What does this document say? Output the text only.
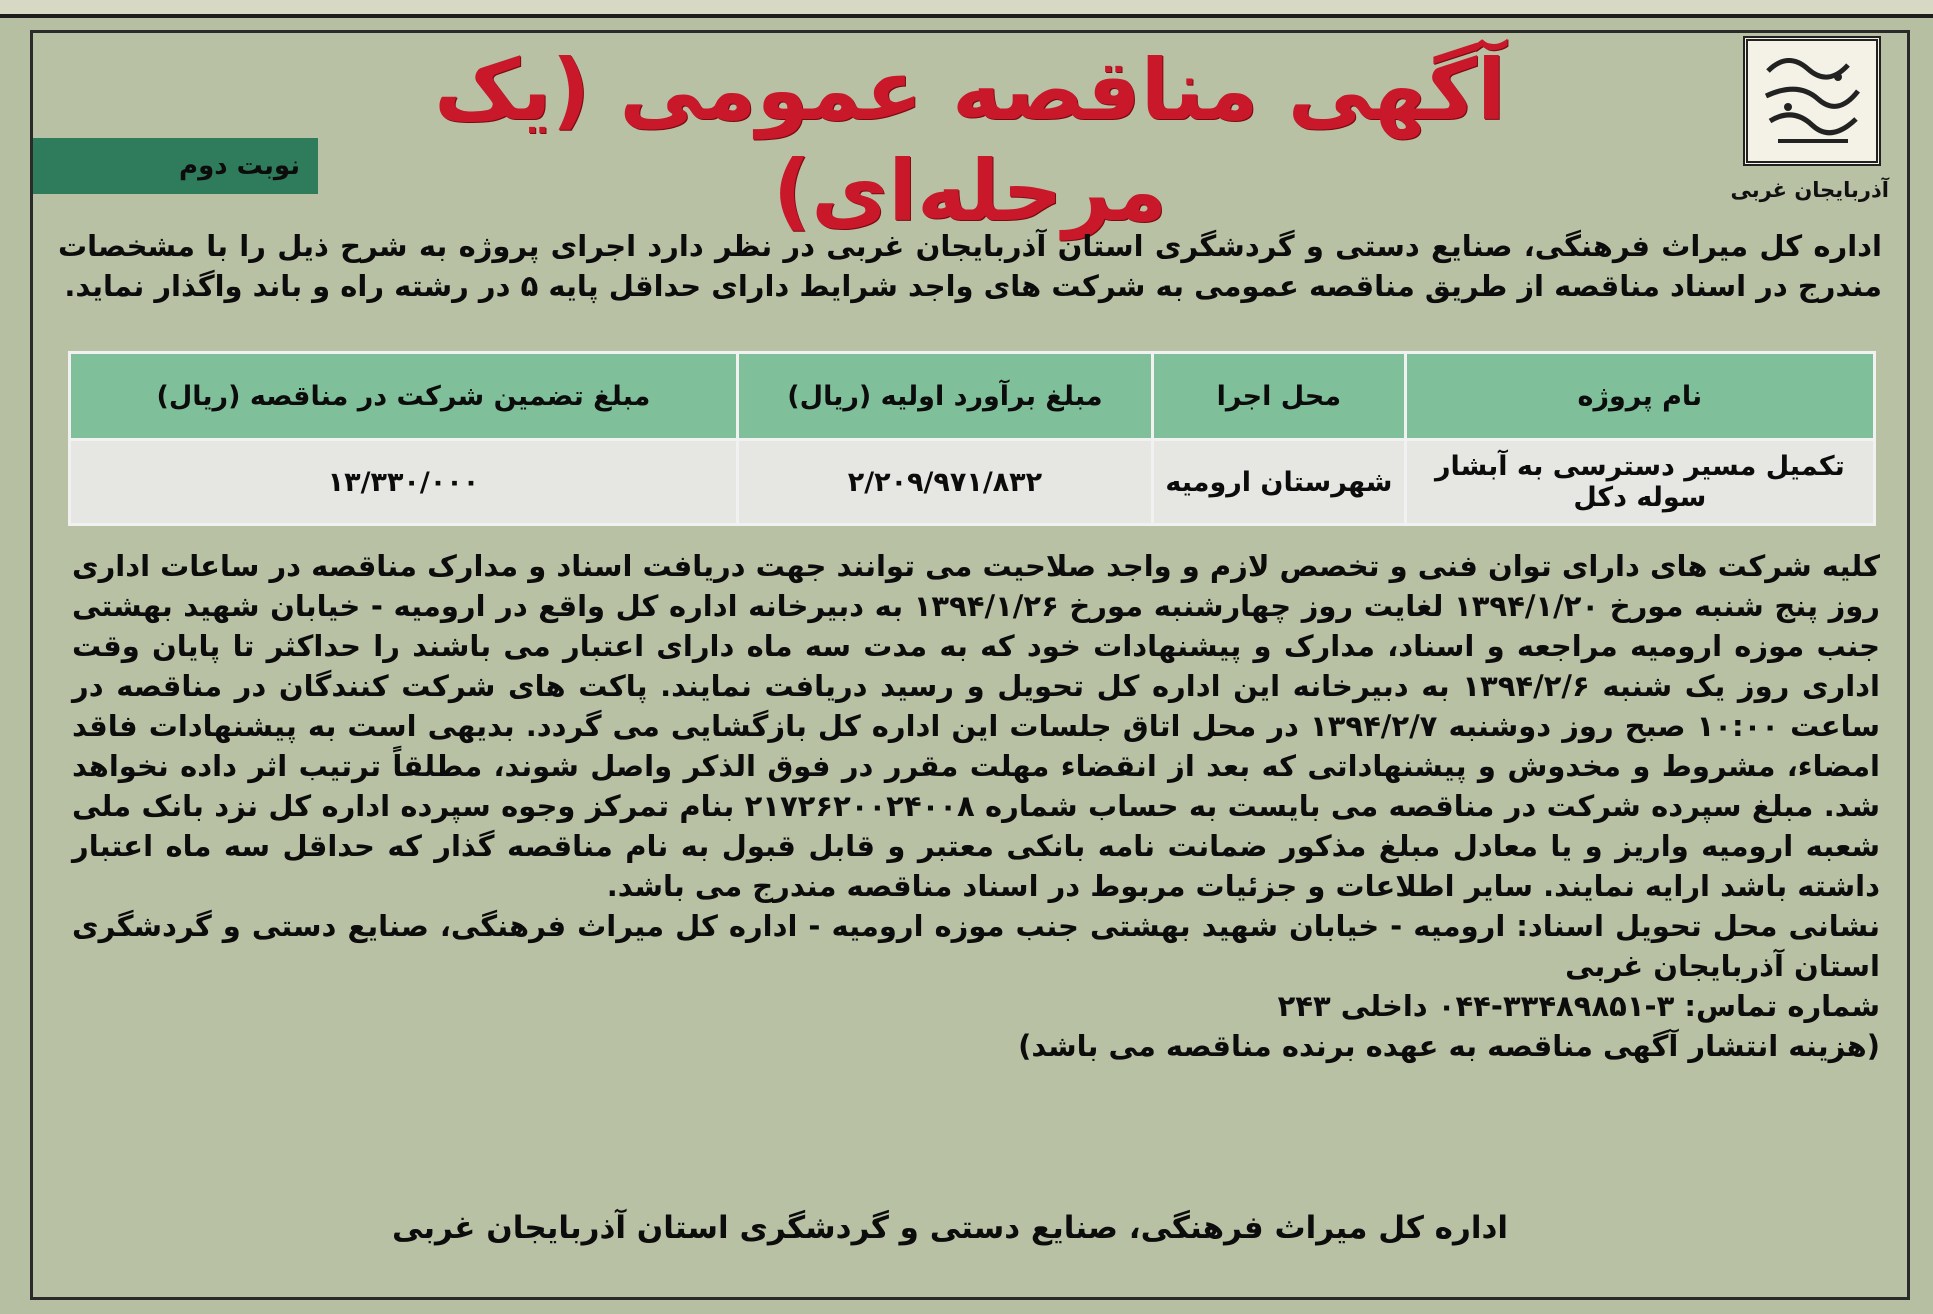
آذربایجان غربی
آگهی مناقصه عمومی (یک مرحله‌ای)
نوبت دوم
اداره کل میراث فرهنگی، صنایع دستی و گردشگری استان آذربایجان غربی در نظر دارد اجرای پروژه به شرح ذیل را با مشخصات مندرج در اسناد مناقصه از طریق مناقصه عمومی به شرکت های واجد شرایط دارای حداقل پایه ۵ در رشته راه و باند واگذار نماید.
نام پروژه	محل اجرا	مبلغ برآورد اولیه (ریال)	مبلغ تضمین شرکت در مناقصه (ریال)
تکمیل مسیر دسترسی به آبشار سوله دکل	شهرستان ارومیه	۲/۲۰۹/۹۷۱/۸۳۲	۱۳/۳۳۰/۰۰۰

کلیه شرکت های دارای توان فنی و تخصص لازم و واجد صلاحیت می توانند جهت دریافت اسناد و مدارک مناقصه در ساعات اداری روز پنج شنبه مورخ ۱۳۹۴/۱/۲۰ لغایت روز چهارشنبه مورخ ۱۳۹۴/۱/۲۶ به دبیرخانه اداره کل واقع در ارومیه - خیابان شهید بهشتی جنب موزه ارومیه مراجعه و اسناد، مدارک و پیشنهادات خود که به مدت سه ماه دارای اعتبار می باشند را حداکثر تا پایان وقت اداری روز یک شنبه ۱۳۹۴/۲/۶ به دبیرخانه این اداره کل تحویل و رسید دریافت نمایند. پاکت های شرکت کنندگان در مناقصه در ساعت ۱۰:۰۰ صبح روز دوشنبه ۱۳۹۴/۲/۷ در محل اتاق جلسات این اداره کل بازگشایی می گردد. بدیهی است به پیشنهادات فاقد امضاء، مشروط و مخدوش و پیشنهاداتی که بعد از انقضاء مهلت مقرر در فوق الذکر واصل شوند، مطلقاً ترتیب اثر داده نخواهد شد. مبلغ سپرده شرکت در مناقصه می بایست به حساب شماره ۲۱۷۲۶۲۰۰۲۴۰۰۸ بنام تمرکز وجوه سپرده اداره کل نزد بانک ملی شعبه ارومیه واریز و یا معادل مبلغ مذکور ضمانت نامه بانکی معتبر و قابل قبول به نام مناقصه گذار که حداقل سه ماه اعتبار داشته باشد ارایه نمایند. سایر اطلاعات و جزئیات مربوط در اسناد مناقصه مندرج می باشد.

نشانی محل تحویل اسناد: ارومیه - خیابان شهید بهشتی جنب موزه ارومیه - اداره کل میراث فرهنگی، صنایع دستی و گردشگری استان آذربایجان غربی

شماره تماس: ۳-۳۳۴۸۹۸۵۱-۰۴۴ داخلی ۲۴۳

(هزینه انتشار آگهی مناقصه به عهده برنده مناقصه می باشد)

اداره کل میراث فرهنگی، صنایع دستی و گردشگری استان آذربایجان غربی
